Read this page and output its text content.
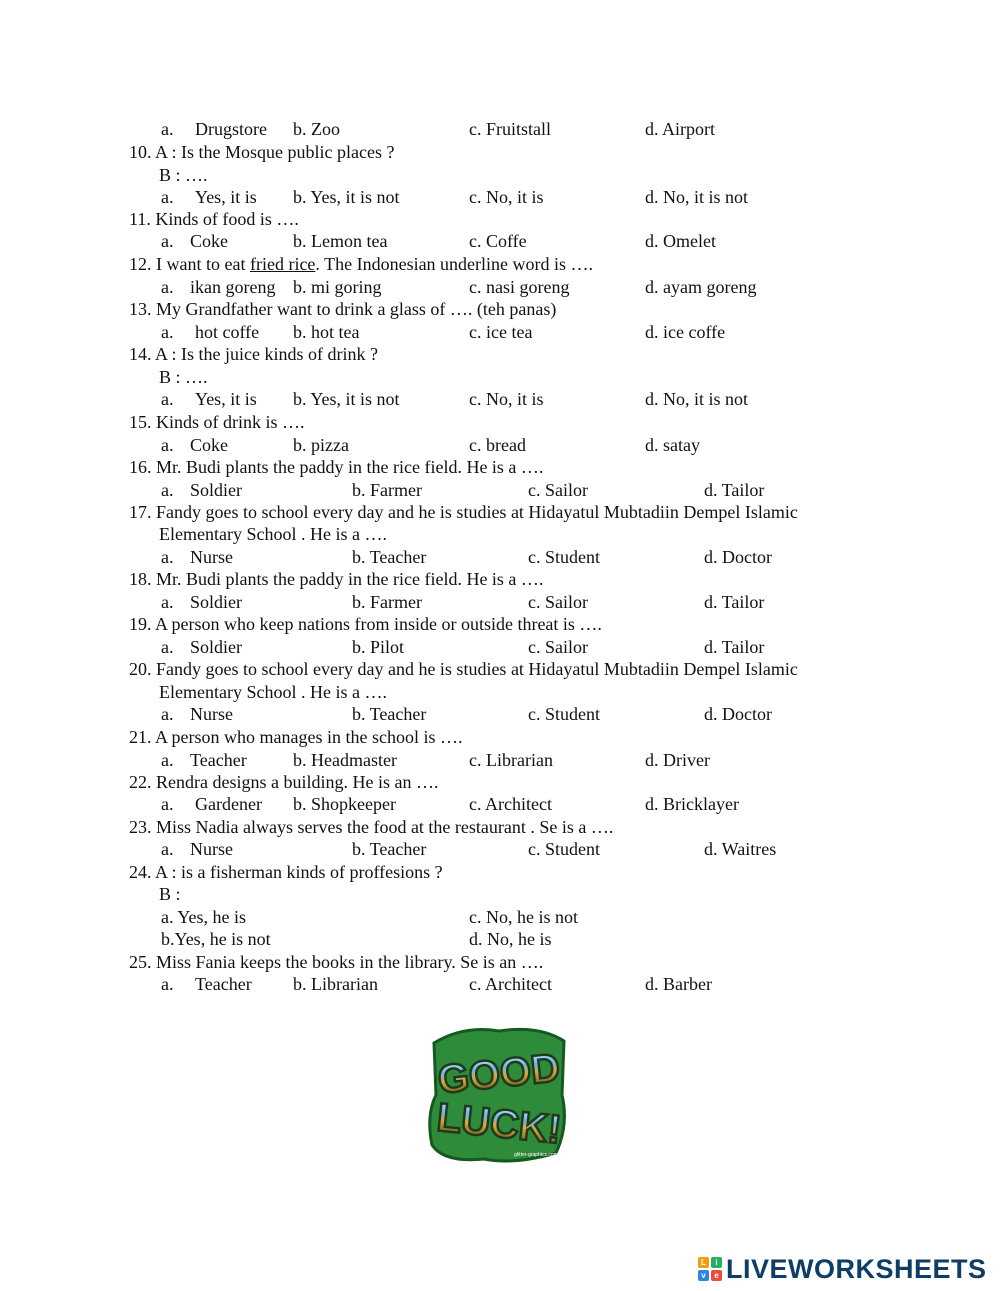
a. Drugstore b. Zoo	c. Fruitstall	d. Airport
10. A : Is the Mosque public places ?
B : ….
a. Yes, it is b. Yes, it is not	c. No, it is	d. No, it is not
11. Kinds of food is ….
a. Coke	b. Lemon tea	c. Coffe	d. Omelet
12. I want to eat fried rice. The Indonesian underline word is ….
a. ikan goreng b. mi goring	c. nasi goreng	d. ayam goreng
13. My Grandfather want to drink a glass of …. (teh panas)
a. hot coffe b. hot tea	c. ice tea	d. ice coffe
14. A : Is the juice kinds of drink ?
B : ….
a. Yes, it is b. Yes, it is not	c. No, it is	d. No, it is not
15. Kinds of drink is ….
a. Coke	b. pizza	c. bread	d. satay
16. Mr. Budi plants the paddy in the rice field. He is a ….
a. Soldier	b. Farmer	c. Sailor	d. Tailor
17. Fandy goes to school every day and he is studies at Hidayatul Mubtadiin Dempel Islamic
Elementary School . He is a ….
a. Nurse	b. Teacher	c. Student	d. Doctor
18. Mr. Budi plants the paddy in the rice field. He is a ….
a. Soldier	b. Farmer	c. Sailor	d. Tailor
19. A person who keep nations from inside or outside threat is ….
a. Soldier	b. Pilot	c. Sailor	d. Tailor
20. Fandy goes to school every day and he is studies at Hidayatul Mubtadiin Dempel Islamic
Elementary School . He is a ….
a. Nurse	b. Teacher	c. Student	d. Doctor
21. A person who manages in the school is ….
a. Teacher	b. Headmaster	c. Librarian	d. Driver
22. Rendra designs a building. He is an ….
a. Gardener b. Shopkeeper	c. Architect	d. Bricklayer
23. Miss Nadia always serves the food at the restaurant . Se is a ….
a. Nurse	b. Teacher	c. Student	d. Waitres
24. A : is a fisherman kinds of proffesions ?
B :
a. Yes, he is	c. No, he is not
b.Yes, he is not	d. No, he is
25. Miss Fania keeps the books in the library. Se is an ….
a. Teacher b. Librarian	c. Architect	d. Barber
GOOD
LUCK!
glitter-graphics.com
L	i
v	e LIVEWORKSHEETS
